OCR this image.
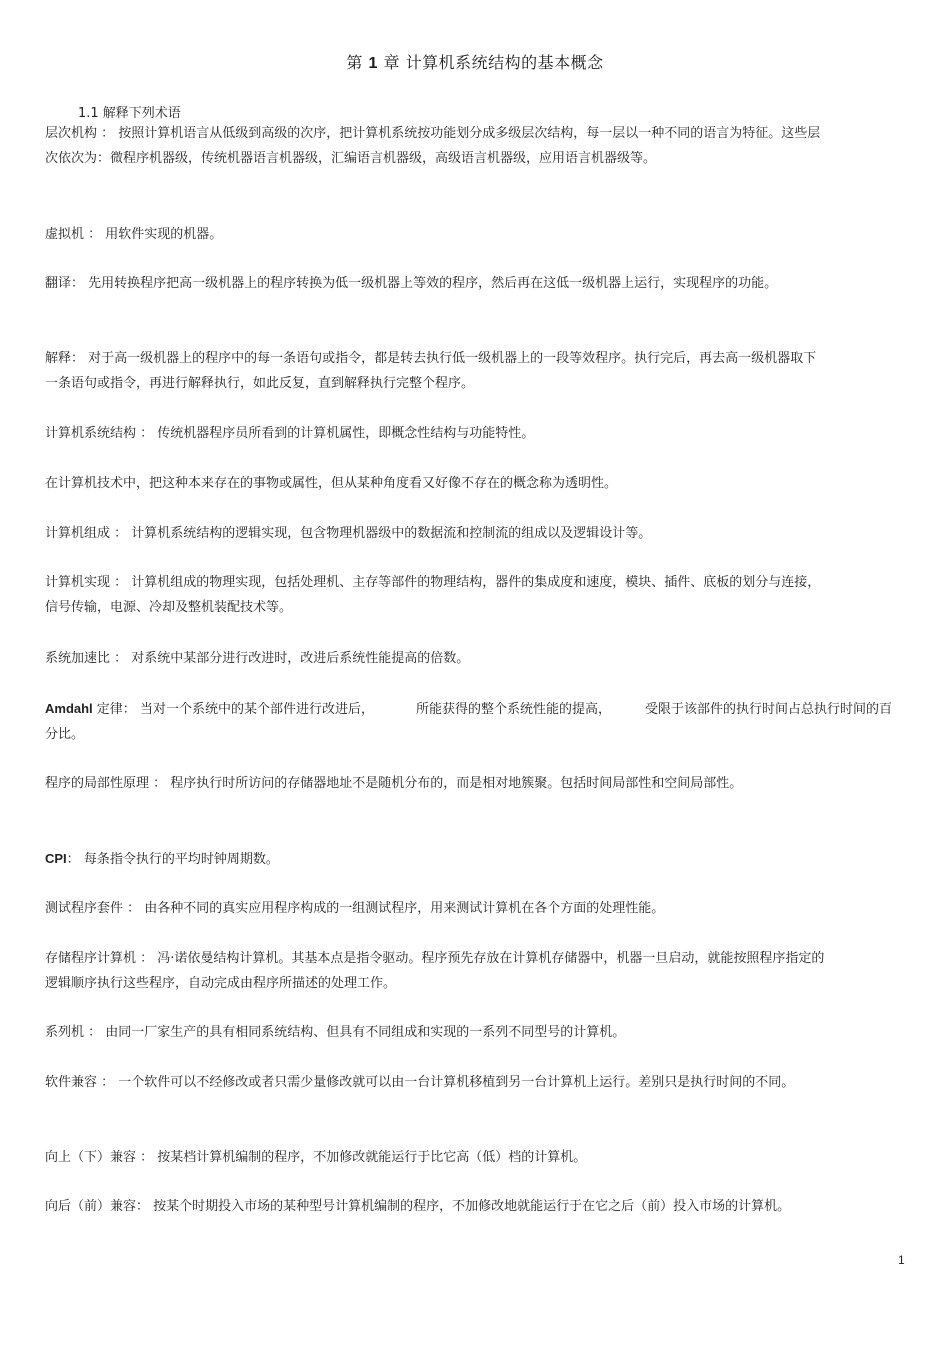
第 1 章 计算机系统结构的基本概念
1.1 解释下列术语

层次机构 ： 按照计算机语言从低级到高级的次序，把计算机系统按功能划分成多级层次结构，每一层以一种不同的语言为特征。这些层次依次为：微程序机器级，传统机器语言机器级，汇编语言机器级，高级语言机器级，应用语言机器级等。

虚拟机 ： 用软件实现的机器。

翻译： 先用转换程序把高一级机器上的程序转换为低一级机器上等效的程序，然后再在这低一级机器上运行，实现程序的功能。

解释： 对于高一级机器上的程序中的每一条语句或指令，都是转去执行低一级机器上的一段等效程序。执行完后，再去高一级机器取下一条语句或指令，再进行解释执行，如此反复，直到解释执行完整个程序。

计算机系统结构 ： 传统机器程序员所看到的计算机属性，即概念性结构与功能特性。

在计算机技术中，把这种本来存在的事物或属性，但从某种角度看又好像不存在的概念称为透明性。

计算机组成 ： 计算机系统结构的逻辑实现，包含物理机器级中的数据流和控制流的组成以及逻辑设计等。

计算机实现 ： 计算机组成的物理实现，包括处理机、主存等部件的物理结构，器件的集成度和速度，模块、插件、底板的划分与连接，信号传输，电源、冷却及整机装配技术等。

系统加速比 ： 对系统中某部分进行改进时，改进后系统性能提高的倍数。

Amdahl 定律： 当对一个系统中的某个部件进行改进后，	所能获得的整个系统性能的提高，	受限于该部件的执行时间占总执行时间的百分比。

程序的局部性原理 ： 程序执行时所访问的存储器地址不是随机分布的，而是相对地簇聚。包括时间局部性和空间局部性。

CPI： 每条指令执行的平均时钟周期数。

测试程序套件 ： 由各种不同的真实应用程序构成的一组测试程序，用来测试计算机在各个方面的处理性能。

存储程序计算机 ： 冯·诺依曼结构计算机。其基本点是指令驱动。程序预先存放在计算机存储器中，机器一旦启动，就能按照程序指定的逻辑顺序执行这些程序，自动完成由程序所描述的处理工作。

系列机 ： 由同一厂家生产的具有相同系统结构、但具有不同组成和实现的一系列不同型号的计算机。

软件兼容 ： 一个软件可以不经修改或者只需少量修改就可以由一台计算机移植到另一台计算机上运行。差别只是执行时间的不同。

向上（下）兼容 ： 按某档计算机编制的程序，不加修改就能运行于比它高（低）档的计算机。

向后（前）兼容： 按某个时期投入市场的某种型号计算机编制的程序，不加修改地就能运行于在它之后（前）投入市场的计算机。

1
